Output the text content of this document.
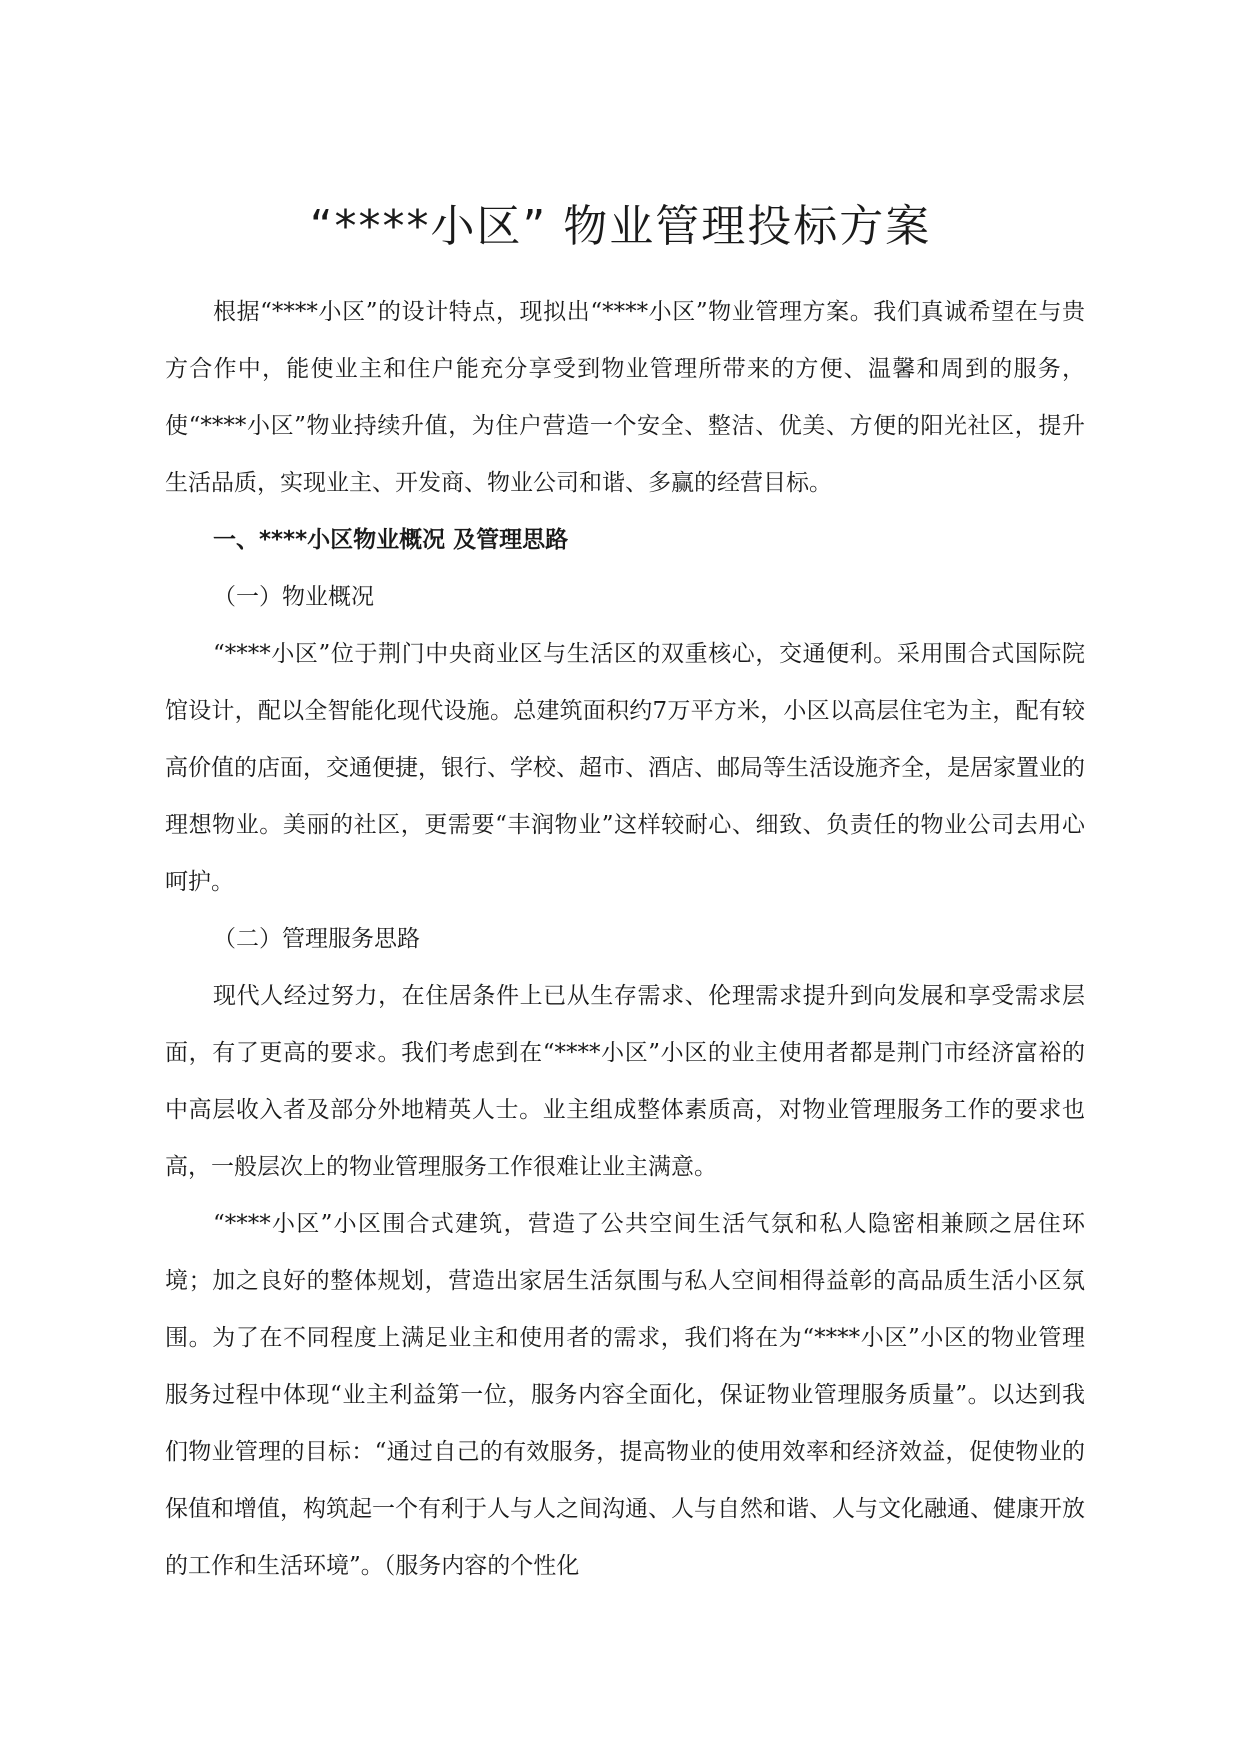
“****小区” 物业管理投标方案

根据“****小区”的设计特点，现拟出“****小区”物业管理方案。我们真诚希望在与贵方合作中，能使业主和住户能充分享受到物业管理所带来的方便、温馨和周到的服务，使“****小区”物业持续升值，为住户营造一个安全、整洁、优美、方便的阳光社区，提升生活品质，实现业主、开发商、物业公司和谐、多赢的经营目标。

一、****小区物业概况 及管理思路

（一）物业概况

“****小区”位于荆门中央商业区与生活区的双重核心，交通便利。采用围合式国际院馆设计，配以全智能化现代设施。总建筑面积约7万平方米，小区以高层住宅为主，配有较高价值的店面，交通便捷，银行、学校、超市、酒店、邮局等生活设施齐全，是居家置业的理想物业。美丽的社区，更需要“丰润物业”这样较耐心、细致、负责任的物业公司去用心呵护。

（二）管理服务思路

现代人经过努力，在住居条件上已从生存需求、伦理需求提升到向发展和享受需求层面，有了更高的要求。我们考虑到在“****小区”小区的业主使用者都是荆门市经济富裕的中高层收入者及部分外地精英人士。业主组成整体素质高，对物业管理服务工作的要求也高，一般层次上的物业管理服务工作很难让业主满意。

“****小区”小区围合式建筑，营造了公共空间生活气氛和私人隐密相兼顾之居住环境；加之良好的整体规划，营造出家居生活氛围与私人空间相得益彰的高品质生活小区氛围。为了在不同程度上满足业主和使用者的需求，我们将在为“****小区”小区的物业管理服务过程中体现“业主利益第一位，服务内容全面化，保证物业管理服务质量”。以达到我们物业管理的目标：“通过自己的有效服务，提高物业的使用效率和经济效益，促使物业的保值和增值，构筑起一个有利于人与人之间沟通、人与自然和谐、人与文化融通、健康开放的工作和生活环境”。（服务内容的个性化
